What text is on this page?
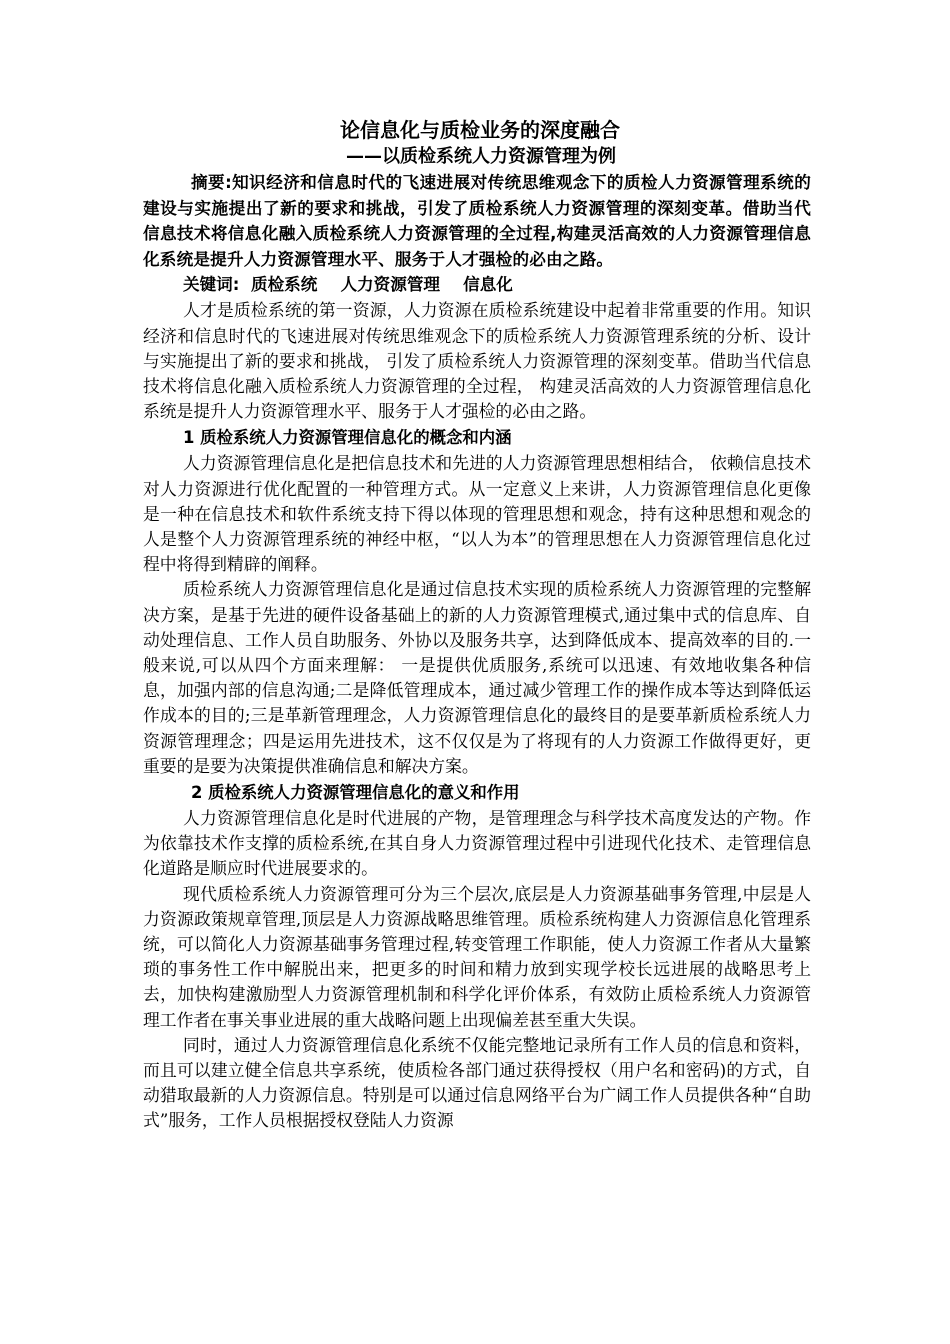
论信息化与质检业务的深度融合
——以质检系统人力资源管理为例

摘要:知识经济和信息时代的飞速进展对传统思维观念下的质检人力资源管理系统的建设与实施提出了新的要求和挑战，引发了质检系统人力资源管理的深刻变革。借助当代信息技术将信息化融入质检系统人力资源管理的全过程,构建灵活高效的人力资源管理信息化系统是提升人力资源管理水平、服务于人才强检的必由之路。

关键词:  质检系统    人力资源管理    信息化

人才是质检系统的第一资源，人力资源在质检系统建设中起着非常重要的作用。知识经济和信息时代的飞速进展对传统思维观念下的质检系统人力资源管理系统的分析、设计与实施提出了新的要求和挑战， 引发了质检系统人力资源管理的深刻变革。借助当代信息技术将信息化融入质检系统人力资源管理的全过程， 构建灵活高效的人力资源管理信息化系统是提升人力资源管理水平、服务于人才强检的必由之路。

1 质检系统人力资源管理信息化的概念和内涵

人力资源管理信息化是把信息技术和先进的人力资源管理思想相结合， 依赖信息技术对人力资源进行优化配置的一种管理方式。从一定意义上来讲，人力资源管理信息化更像是一种在信息技术和软件系统支持下得以体现的管理思想和观念，持有这种思想和观念的人是整个人力资源管理系统的神经中枢，“以人为本”的管理思想在人力资源管理信息化过程中将得到精辟的阐释。

质检系统人力资源管理信息化是通过信息技术实现的质检系统人力资源管理的完整解决方案，是基于先进的硬件设备基础上的新的人力资源管理模式,通过集中式的信息库、自动处理信息、工作人员自助服务、外协以及服务共享，达到降低成本、提高效率的目的.一般来说,可以从四个方面来理解： 一是提供优质服务,系统可以迅速、有效地收集各种信息，加强内部的信息沟通;二是降低管理成本，通过减少管理工作的操作成本等达到降低运作成本的目的;三是革新管理理念，人力资源管理信息化的最终目的是要革新质检系统人力资源管理理念；四是运用先进技术，这不仅仅是为了将现有的人力资源工作做得更好，更重要的是要为决策提供准确信息和解决方案。

2 质检系统人力资源管理信息化的意义和作用

人力资源管理信息化是时代进展的产物，是管理理念与科学技术高度发达的产物。作为依靠技术作支撑的质检系统,在其自身人力资源管理过程中引进现代化技术、走管理信息化道路是顺应时代进展要求的。

现代质检系统人力资源管理可分为三个层次,底层是人力资源基础事务管理,中层是人力资源政策规章管理,顶层是人力资源战略思维管理。质检系统构建人力资源信息化管理系统，可以简化人力资源基础事务管理过程,转变管理工作职能，使人力资源工作者从大量繁琐的事务性工作中解脱出来，把更多的时间和精力放到实现学校长远进展的战略思考上去，加快构建激励型人力资源管理机制和科学化评价体系，有效防止质检系统人力资源管理工作者在事关事业进展的重大战略问题上出现偏差甚至重大失误。

同时，通过人力资源管理信息化系统不仅能完整地记录所有工作人员的信息和资料，而且可以建立健全信息共享系统，使质检各部门通过获得授权（用户名和密码)的方式，自动猎取最新的人力资源信息。特别是可以通过信息网络平台为广阔工作人员提供各种“自助式”服务，工作人员根据授权登陆人力资源
